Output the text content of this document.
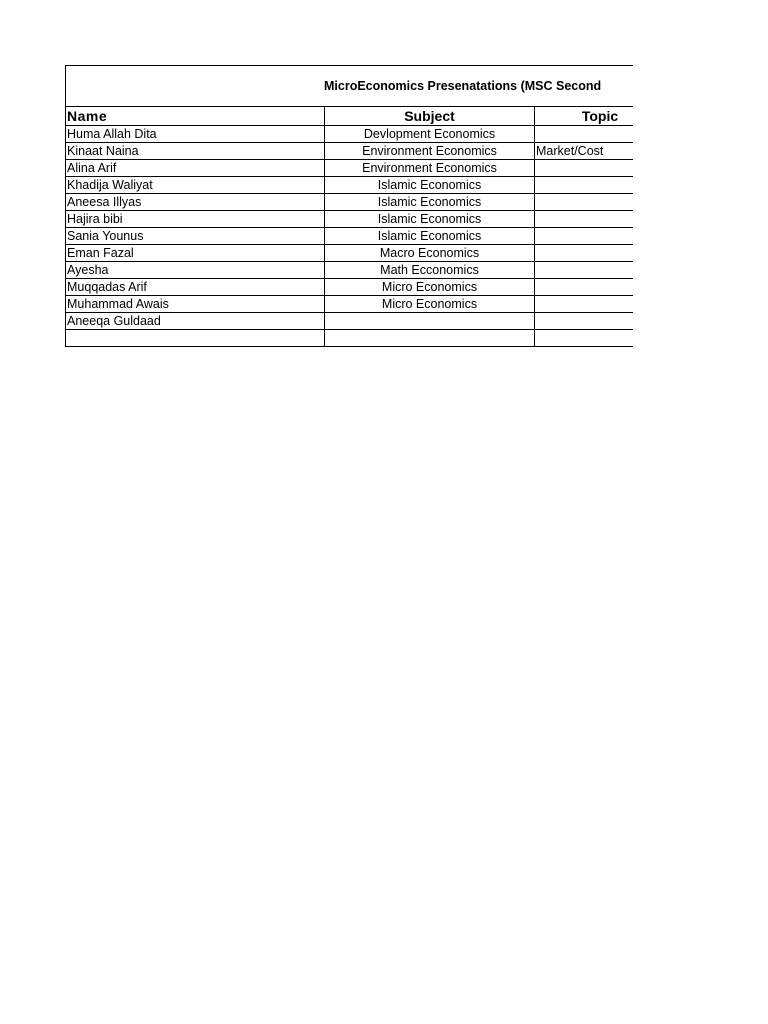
MicroEconomics Presenatations (MSC Second		
Name	Subject	Topic
Huma Allah Dita	Devlopment Economics	
Kinaat Naina	Environment Economics	Market/Cost
Alina Arif	Environment Economics	
Khadija Waliyat	Islamic Economics	
Aneesa Illyas	Islamic Economics	
Hajira bibi	Islamic Economics	
Sania Younus	Islamic Economics	
Eman Fazal	Macro Economics	
Ayesha	Math Ecconomics	
Muqqadas Arif	Micro Economics	
Muhammad Awais	Micro Economics	
Aneeqa Guldaad		
